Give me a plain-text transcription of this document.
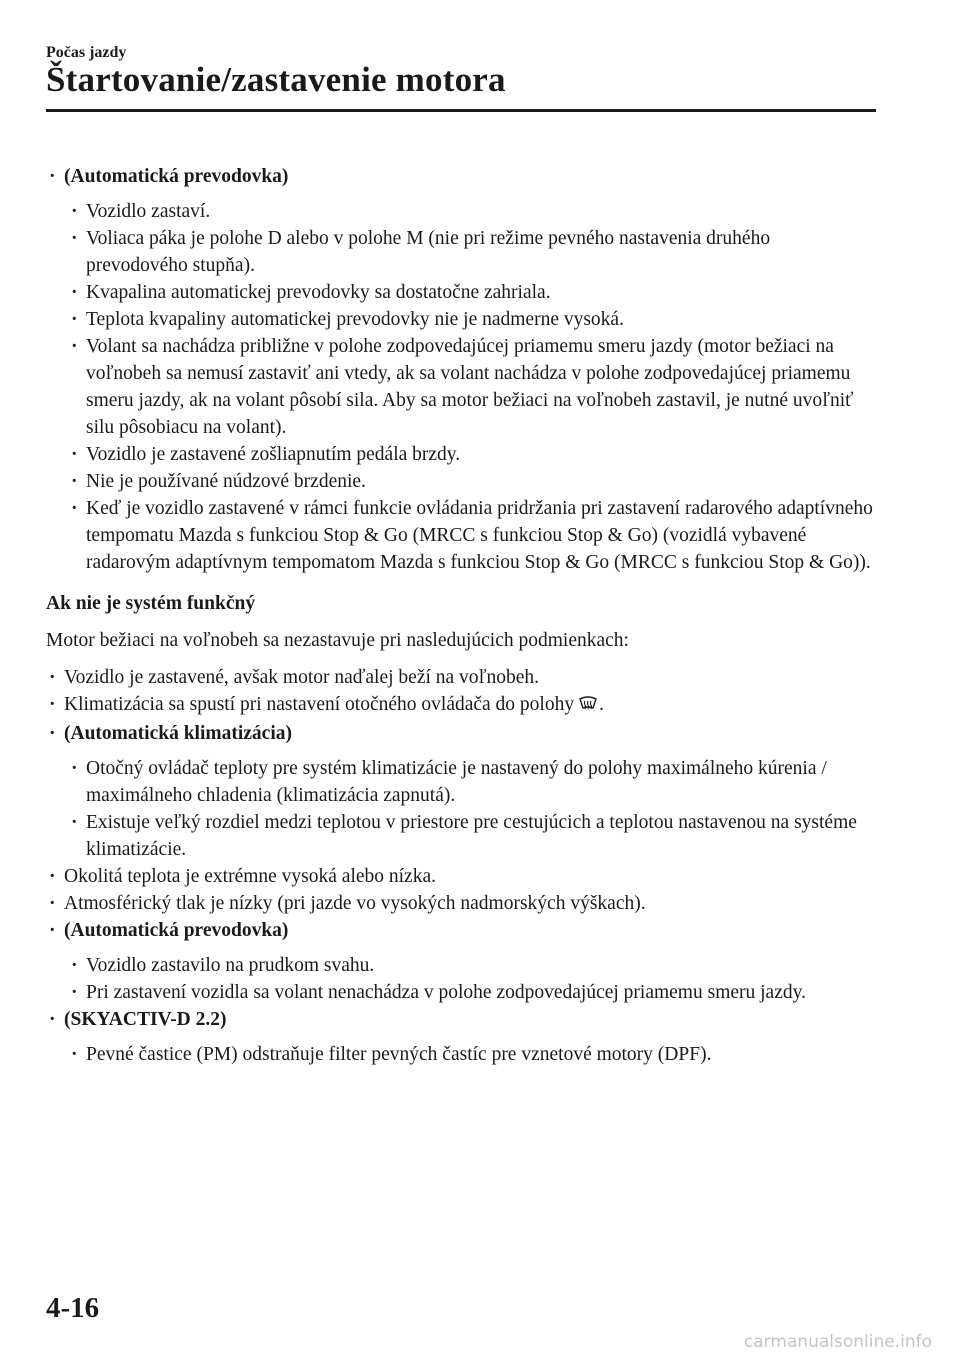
Počas jazdy
Štartovanie/zastavenie motora

· (Automatická prevodovka)

· Vozidlo zastaví.

· Voliaca páka je polohe D alebo v polohe M (nie pri režime pevného nastavenia druhého prevodového stupňa).

· Kvapalina automatickej prevodovky sa dostatočne zahriala.

· Teplota kvapaliny automatickej prevodovky nie je nadmerne vysoká.

· Volant sa nachádza približne v polohe zodpovedajúcej priamemu smeru jazdy (motor bežiaci na voľnobeh sa nemusí zastaviť ani vtedy, ak sa volant nachádza v polohe zodpovedajúcej priamemu smeru jazdy, ak na volant pôsobí sila. Aby sa motor bežiaci na voľnobeh zastavil, je nutné uvoľniť silu pôsobiacu na volant).

· Vozidlo je zastavené zošliapnutím pedála brzdy.

· Nie je používané núdzové brzdenie.

· Keď je vozidlo zastavené v rámci funkcie ovládania pridržania pri zastavení radarového adaptívneho tempomatu Mazda s funkciou Stop & Go (MRCC s funkciou Stop & Go) (vozidlá vybavené radarovým adaptívnym tempomatom Mazda s funkciou Stop & Go (MRCC s funkciou Stop & Go)).

Ak nie je systém funkčný

Motor bežiaci na voľnobeh sa nezastavuje pri nasledujúcich podmienkach:

· Vozidlo je zastavené, avšak motor naďalej beží na voľnobeh.

· Klimatizácia sa spustí pri nastavení otočného ovládača do polohy .

· (Automatická klimatizácia)

· Otočný ovládač teploty pre systém klimatizácie je nastavený do polohy maximálneho kúrenia / maximálneho chladenia (klimatizácia zapnutá).

· Existuje veľký rozdiel medzi teplotou v priestore pre cestujúcich a teplotou nastavenou na systéme klimatizácie.

· Okolitá teplota je extrémne vysoká alebo nízka.

· Atmosférický tlak je nízky (pri jazde vo vysokých nadmorských výškach).

· (Automatická prevodovka)

· Vozidlo zastavilo na prudkom svahu.

· Pri zastavení vozidla sa volant nenachádza v polohe zodpovedajúcej priamemu smeru jazdy.

· (SKYACTIV-D 2.2)

· Pevné častice (PM) odstraňuje filter pevných častíc pre vznetové motory (DPF).

4-16
carmanualsonline.info
